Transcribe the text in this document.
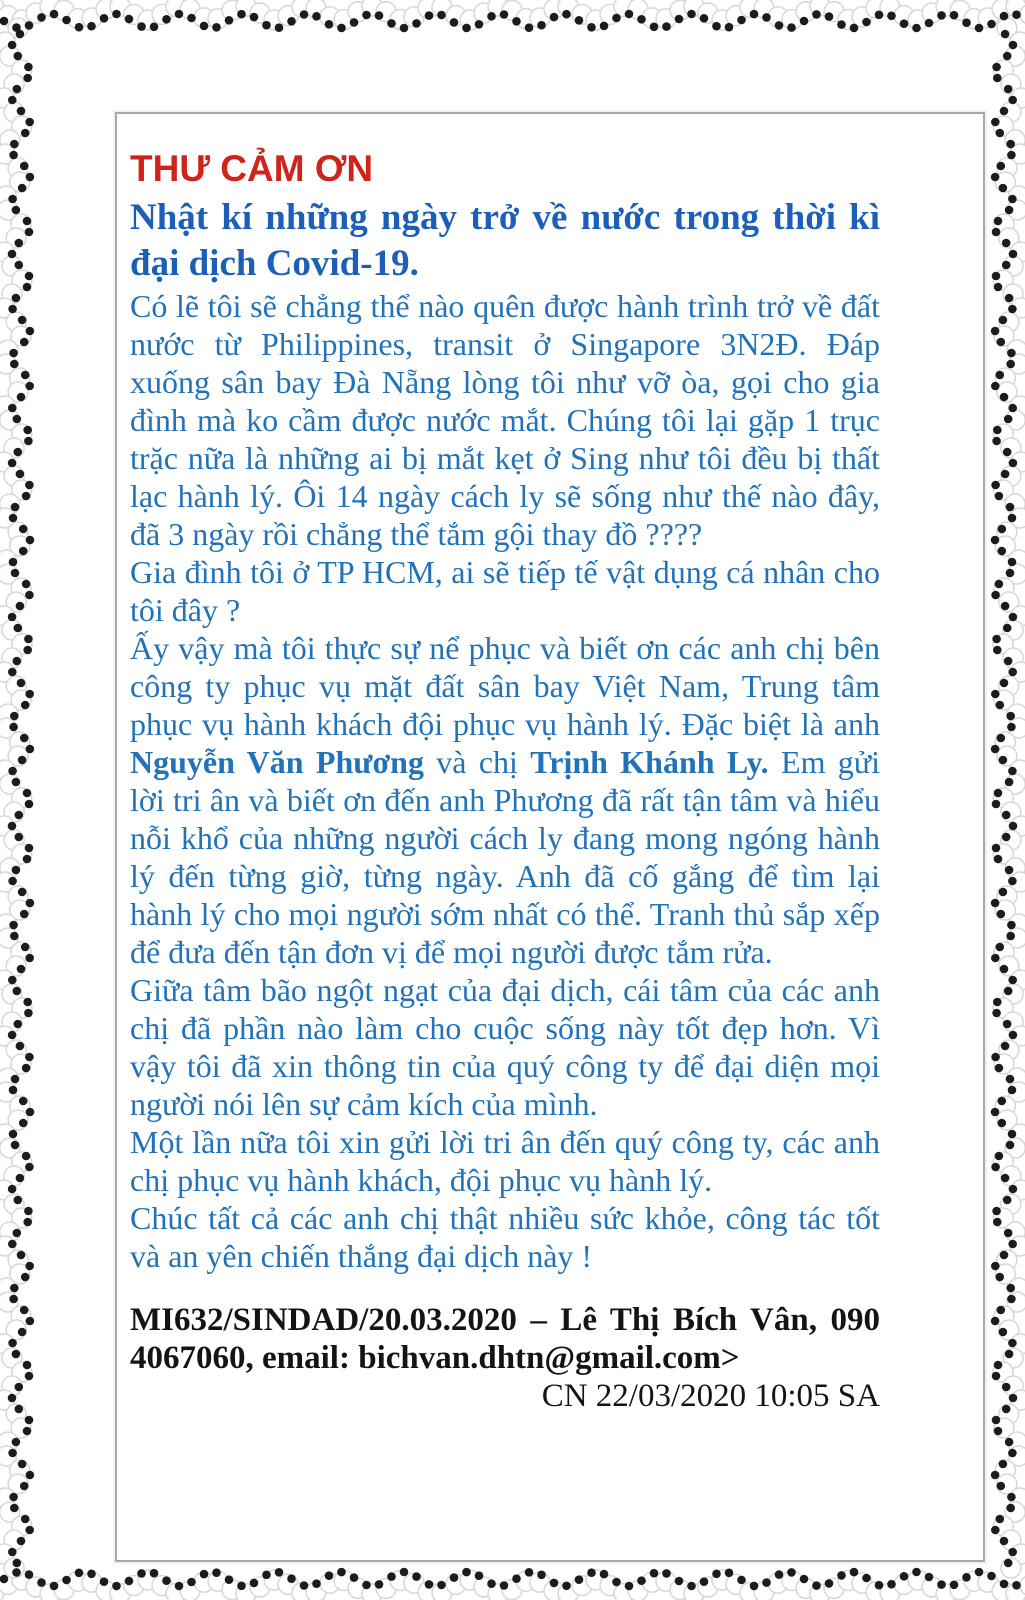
THƯ CẢM ƠN
Nhật kí những ngày trở về nước trong thời kì đại dịch Covid-19.

Có lẽ tôi sẽ chẳng thể nào quên được hành trình trở về đất nước từ Philippines, transit ở Singapore 3N2Đ. Đáp xuống sân bay Đà Nẵng lòng tôi như vỡ òa, gọi cho gia đình mà ko cầm được nước mắt. Chúng tôi lại gặp 1 trục trặc nữa là những ai bị mắt kẹt ở Sing như tôi đều bị thất lạc hành lý. Ôi 14 ngày cách ly sẽ sống như thế nào đây, đã 3 ngày rồi chẳng thể tắm gội thay đồ ????

Gia đình tôi ở TP HCM, ai sẽ tiếp tế vật dụng cá nhân cho tôi đây ?

Ấy vậy mà tôi thực sự nể phục và biết ơn các anh chị bên công ty phục vụ mặt đất sân bay Việt Nam, Trung tâm phục vụ hành khách đội phục vụ hành lý. Đặc biệt là anh Nguyễn Văn Phương và chị Trịnh Khánh Ly. Em gửi lời tri ân và biết ơn đến anh Phương đã rất tận tâm và hiểu nỗi khổ của những người cách ly đang mong ngóng hành lý đến từng giờ, từng ngày. Anh đã cố gắng để tìm lại hành lý cho mọi người sớm nhất có thể. Tranh thủ sắp xếp để đưa đến tận đơn vị để mọi người được tắm rửa.

Giữa tâm bão ngột ngạt của đại dịch, cái tâm của các anh chị đã phần nào làm cho cuộc sống này tốt đẹp hơn. Vì vậy tôi đã xin thông tin của quý công ty để đại diện mọi người nói lên sự cảm kích của mình.

Một lần nữa tôi xin gửi lời tri ân đến quý công ty, các anh chị phục vụ hành khách, đội phục vụ hành lý.

Chúc tất cả các anh chị thật nhiều sức khỏe, công tác tốt và an yên chiến thắng đại dịch này !

MI632/SINDAD/20.03.2020 – Lê Thị Bích Vân, 090 4067060, email: bichvan.dhtn@gmail.com>

CN 22/03/2020 10:05 SA
